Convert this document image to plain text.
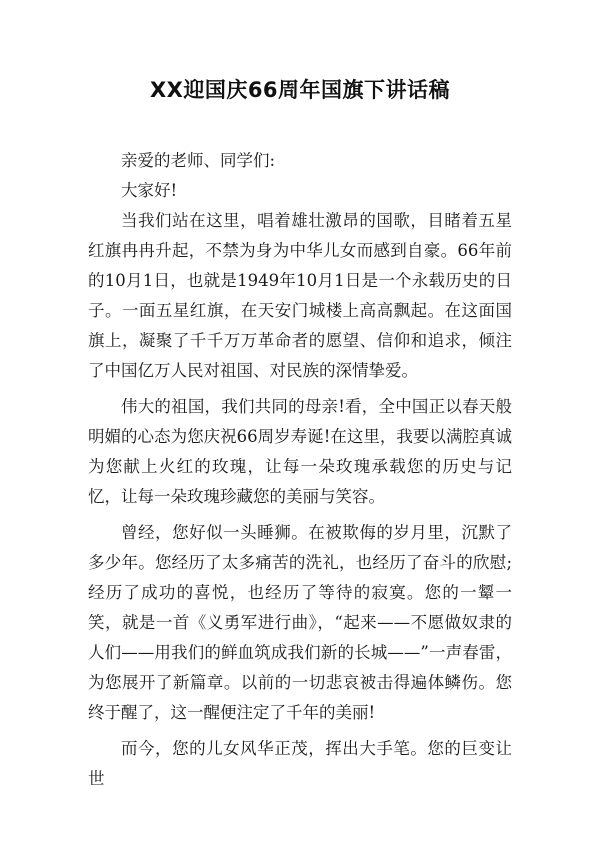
XX迎国庆66周年国旗下讲话稿

亲爱的老师、同学们:

大家好!

当我们站在这里，唱着雄壮激昂的国歌，目睹着五星红旗冉冉升起，不禁为身为中华儿女而感到自豪。66年前的10月1日，也就是1949年10月1日是一个永载历史的日子。一面五星红旗，在天安门城楼上高高飘起。在这面国旗上，凝聚了千千万万革命者的愿望、信仰和追求，倾注了中国亿万人民对祖国、对民族的深情挚爱。

伟大的祖国，我们共同的母亲!看，全中国正以春天般明媚的心态为您庆祝66周岁寿诞!在这里，我要以满腔真诚为您献上火红的玫瑰，让每一朵玫瑰承载您的历史与记忆，让每一朵玫瑰珍藏您的美丽与笑容。

曾经，您好似一头睡狮。在被欺侮的岁月里，沉默了多少年。您经历了太多痛苦的洗礼，也经历了奋斗的欣慰;经历了成功的喜悦，也经历了等待的寂寞。您的一颦一笑，就是一首《义勇军进行曲》，“起来——不愿做奴隶的人们——用我们的鲜血筑成我们新的长城——”一声春雷，为您展开了新篇章。以前的一切悲哀被击得遍体鳞伤。您终于醒了，这一醒便注定了千年的美丽!

而今，您的儿女风华正茂，挥出大手笔。您的巨变让世
